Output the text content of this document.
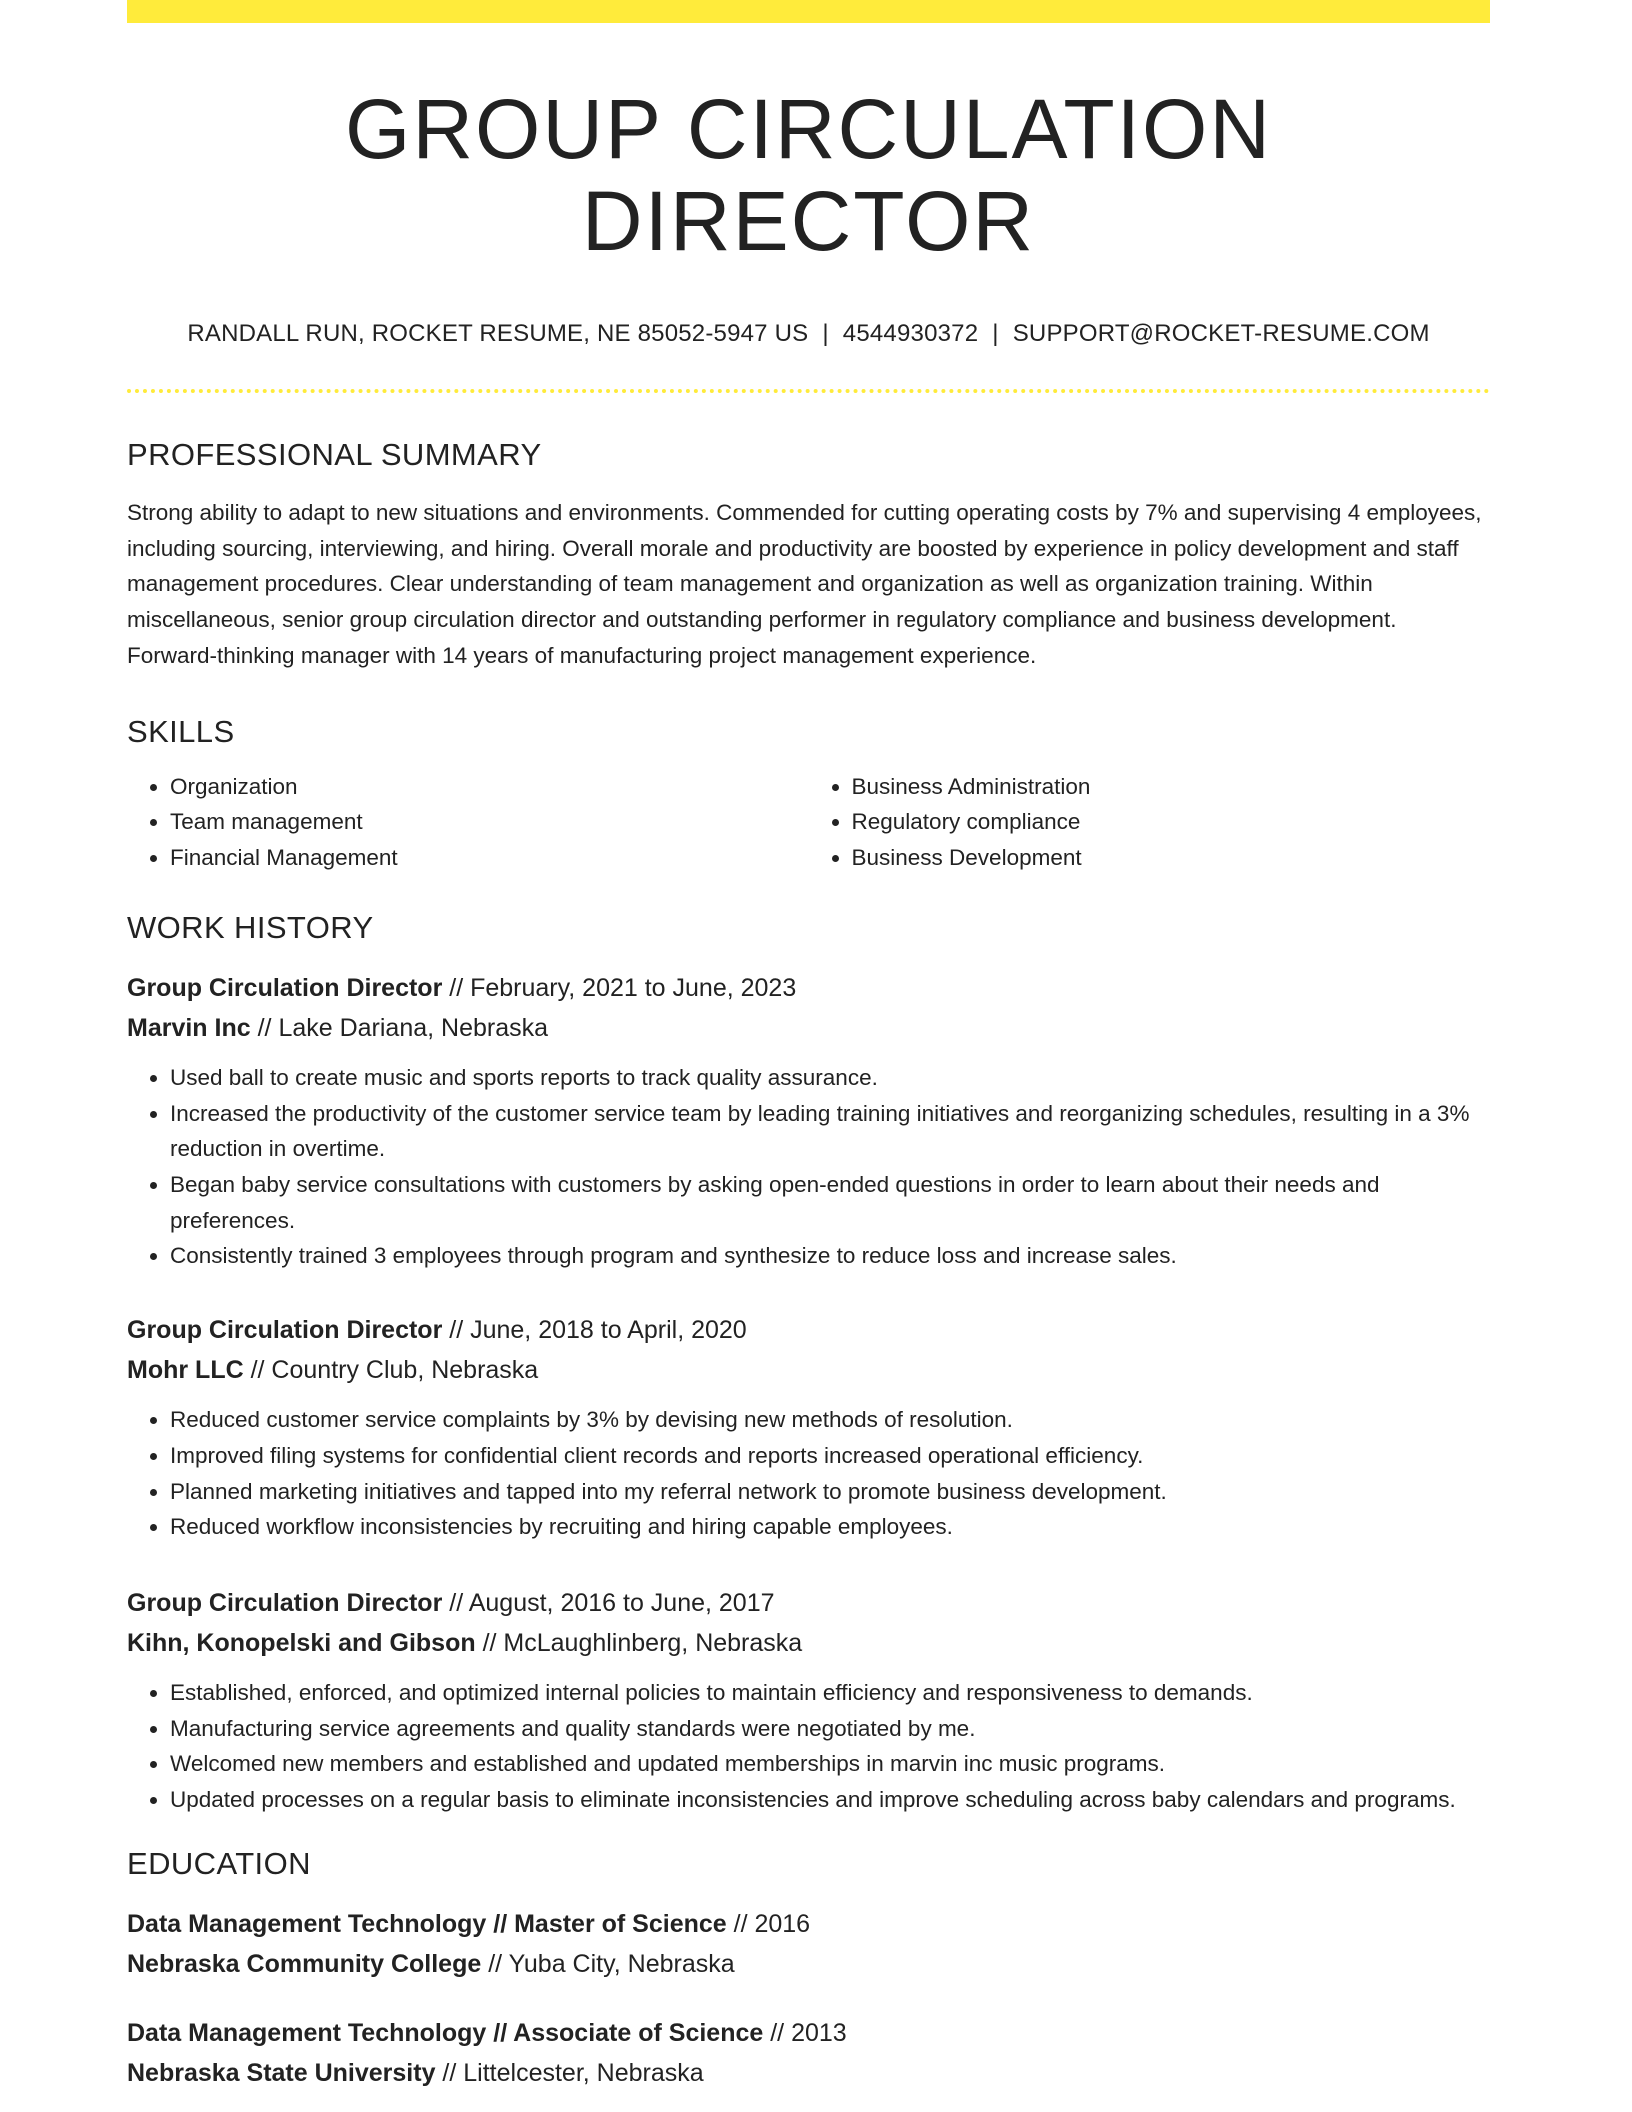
GROUP CIRCULATION DIRECTOR
RANDALL RUN, ROCKET RESUME, NE 85052-5947 US | 4544930372 | SUPPORT@ROCKET-RESUME.COM
PROFESSIONAL SUMMARY
Strong ability to adapt to new situations and environments. Commended for cutting operating costs by 7% and supervising 4 employees, including sourcing, interviewing, and hiring. Overall morale and productivity are boosted by experience in policy development and staff management procedures. Clear understanding of team management and organization as well as organization training. Within miscellaneous, senior group circulation director and outstanding performer in regulatory compliance and business development. Forward-thinking manager with 14 years of manufacturing project management experience.
SKILLS
• Organization
• Team management
• Financial Management
• Business Administration
• Regulatory compliance
• Business Development
WORK HISTORY
Group Circulation Director // February, 2021 to June, 2023
Marvin Inc // Lake Dariana, Nebraska
• Used ball to create music and sports reports to track quality assurance.
• Increased the productivity of the customer service team by leading training initiatives and reorganizing schedules, resulting in a 3% reduction in overtime.
• Began baby service consultations with customers by asking open-ended questions in order to learn about their needs and preferences.
• Consistently trained 3 employees through program and synthesize to reduce loss and increase sales.
Group Circulation Director // June, 2018 to April, 2020
Mohr LLC // Country Club, Nebraska
• Reduced customer service complaints by 3% by devising new methods of resolution.
• Improved filing systems for confidential client records and reports increased operational efficiency.
• Planned marketing initiatives and tapped into my referral network to promote business development.
• Reduced workflow inconsistencies by recruiting and hiring capable employees.
Group Circulation Director // August, 2016 to June, 2017
Kihn, Konopelski and Gibson // McLaughlinberg, Nebraska
• Established, enforced, and optimized internal policies to maintain efficiency and responsiveness to demands.
• Manufacturing service agreements and quality standards were negotiated by me.
• Welcomed new members and established and updated memberships in marvin inc music programs.
• Updated processes on a regular basis to eliminate inconsistencies and improve scheduling across baby calendars and programs.
EDUCATION
Data Management Technology // Master of Science // 2016
Nebraska Community College // Yuba City, Nebraska
Data Management Technology // Associate of Science // 2013
Nebraska State University // Littelcester, Nebraska
